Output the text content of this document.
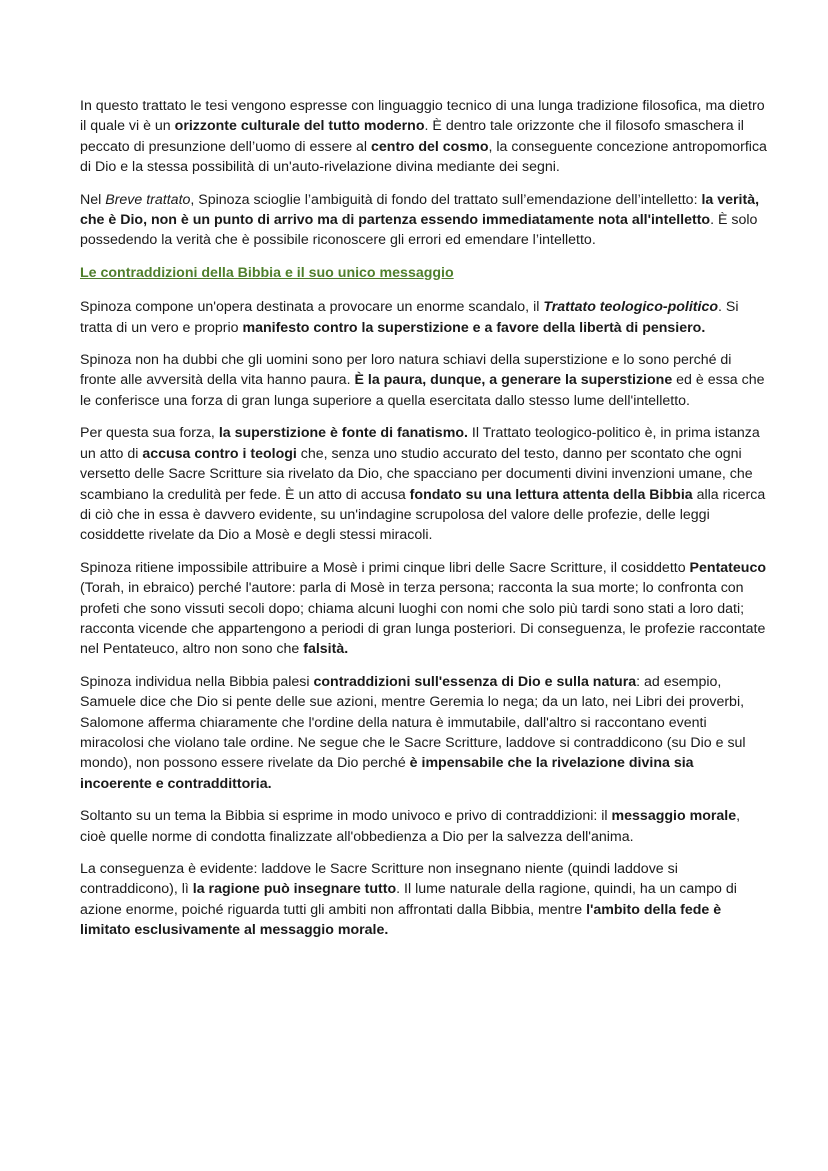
In questo trattato le tesi vengono espresse con linguaggio tecnico di una lunga tradizione filosofica, ma dietro il quale vi è un orizzonte culturale del tutto moderno. È dentro tale orizzonte che il filosofo smaschera il peccato di presunzione dell’uomo di essere al centro del cosmo, la conseguente concezione antropomorfica di Dio e la stessa possibilità di un'auto-rivelazione divina mediante dei segni.

Nel Breve trattato, Spinoza scioglie l’ambiguità di fondo del trattato sull’emendazione dell’intelletto: la verità, che è Dio, non è un punto di arrivo ma di partenza essendo immediatamente nota all'intelletto. È solo possedendo la verità che è possibile riconoscere gli errori ed emendare l’intelletto.

Le contraddizioni della Bibbia e il suo unico messaggio

Spinoza compone un'opera destinata a provocare un enorme scandalo, il Trattato teologico-politico. Si tratta di un vero e proprio manifesto contro la superstizione e a favore della libertà di pensiero.

Spinoza non ha dubbi che gli uomini sono per loro natura schiavi della superstizione e lo sono perché di fronte alle avversità della vita hanno paura. È la paura, dunque, a generare la superstizione ed è essa che le conferisce una forza di gran lunga superiore a quella esercitata dallo stesso lume dell'intelletto.

Per questa sua forza, la superstizione è fonte di fanatismo. Il Trattato teologico-politico è, in prima istanza un atto di accusa contro i teologi che, senza uno studio accurato del testo, danno per scontato che ogni versetto delle Sacre Scritture sia rivelato da Dio, che spacciano per documenti divini invenzioni umane, che scambiano la credulità per fede. È un atto di accusa fondato su una lettura attenta della Bibbia alla ricerca di ciò che in essa è davvero evidente, su un'indagine scrupolosa del valore delle profezie, delle leggi cosiddette rivelate da Dio a Mosè e degli stessi miracoli.

Spinoza ritiene impossibile attribuire a Mosè i primi cinque libri delle Sacre Scritture, il cosiddetto Pentateuco (Torah, in ebraico) perché l'autore: parla di Mosè in terza persona; racconta la sua morte; lo confronta con profeti che sono vissuti secoli dopo; chiama alcuni luoghi con nomi che solo più tardi sono stati a loro dati; racconta vicende che appartengono a periodi di gran lunga posteriori. Di conseguenza, le profezie raccontate nel Pentateuco, altro non sono che falsità.

Spinoza individua nella Bibbia palesi contraddizioni sull'essenza di Dio e sulla natura: ad esempio, Samuele dice che Dio si pente delle sue azioni, mentre Geremia lo nega; da un lato, nei Libri dei proverbi, Salomone afferma chiaramente che l'ordine della natura è immutabile, dall'altro si raccontano eventi miracolosi che violano tale ordine. Ne segue che le Sacre Scritture, laddove si contraddicono (su Dio e sul mondo), non possono essere rivelate da Dio perché è impensabile che la rivelazione divina sia incoerente e contraddittoria.

Soltanto su un tema la Bibbia si esprime in modo univoco e privo di contraddizioni: il messaggio morale, cioè quelle norme di condotta finalizzate all'obbedienza a Dio per la salvezza dell'anima.

La conseguenza è evidente: laddove le Sacre Scritture non insegnano niente (quindi laddove si contraddicono), lì la ragione può insegnare tutto. Il lume naturale della ragione, quindi, ha un campo di azione enorme, poiché riguarda tutti gli ambiti non affrontati dalla Bibbia, mentre l'ambito della fede è limitato esclusivamente al messaggio morale.
